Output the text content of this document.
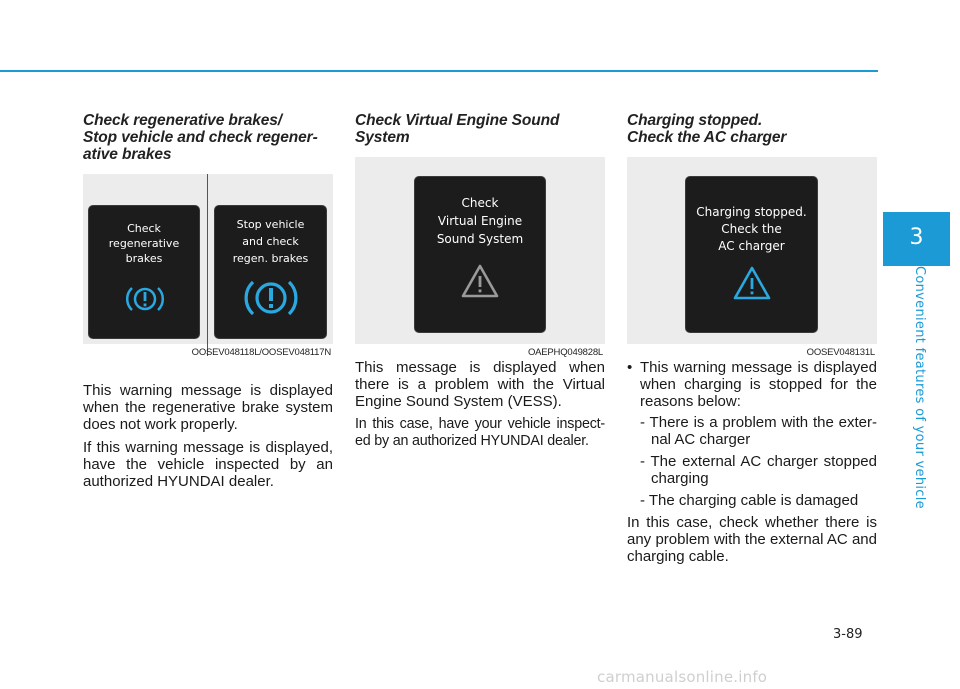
Check regenerative brakes/
Stop vehicle and check regener-
ative brakes
Check
regenerative
brakes
Stop vehicle
and check
regen. brakes
OOSEV048118L/OOSEV048117N

This warning message is displayed when the regenerative brake system does not work properly.

If this warning message is displayed, have the vehicle inspected by an authorized HYUNDAI dealer.

Check Virtual Engine Sound
System
Check
Virtual Engine
Sound System
OAEPHQ049828L

This message is displayed when there is a problem with the Virtual Engine Sound System (VESS).

In this case, have your vehicle inspect-ed by an authorized HYUNDAI dealer.

Charging stopped.
Check the AC charger
Charging stopped.
Check the
AC charger
OOSEV048131L
• This warning message is displayed when charging is stopped for the reasons below:
- There is a problem with the exter-nal AC charger
- The external AC charger stopped charging
- The charging cable is damaged

In this case, check whether there is any problem with the external AC and charging cable.

3
Convenient features of your vehicle
3-89
carmanualsonline.info
